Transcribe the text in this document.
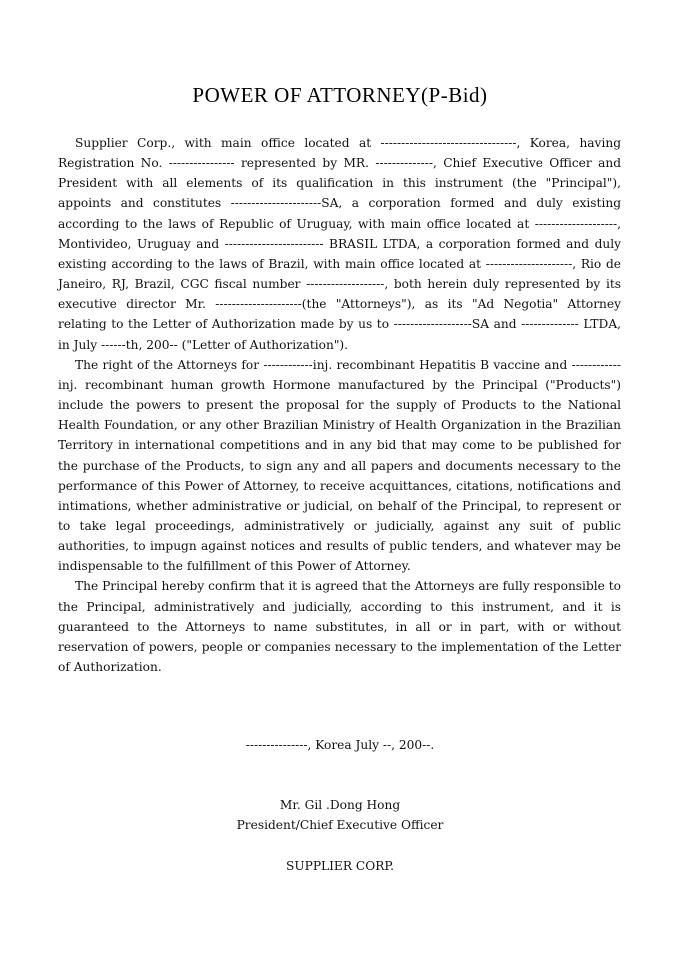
POWER OF ATTORNEY(P-Bid)

Supplier Corp., with main office located at ---------------------------------, Korea, having Registration No. ---------------- represented by MR. --------------, Chief Executive Officer and President with all elements of its qualification in this instrument (the "Principal"), appoints and constitutes ----------------------SA, a corporation formed and duly existing according to the laws of Republic of Uruguay, with main office located at --------------------, Montivideo, Uruguay and ------------------------ BRASIL LTDA, a corporation formed and duly existing according to the laws of Brazil, with main office located at ---------------------, Rio de Janeiro, RJ, Brazil, CGC fiscal number -------------------, both herein duly represented by its executive director Mr. ---------------------(the "Attorneys"), as its "Ad Negotia" Attorney relating to the Letter of Authorization made by us to -------------------SA and -------------- LTDA, in July ------th, 200-- ("Letter of Authorization").

The right of the Attorneys for ------------inj. recombinant Hepatitis B vaccine and ------------ inj. recombinant human growth Hormone manufactured by the Principal ("Products") include the powers to present the proposal for the supply of Products to the National Health Foundation, or any other Brazilian Ministry of Health Organization in the Brazilian Territory in international competitions and in any bid that may come to be published for the purchase of the Products, to sign any and all papers and documents necessary to the performance of this Power of Attorney, to receive acquittances, citations, notifications and intimations, whether administrative or judicial, on behalf of the Principal, to represent or to take legal proceedings, administratively or judicially, against any suit of public authorities, to impugn against notices and results of public tenders, and whatever may be indispensable to the fulfillment of this Power of Attorney.

The Principal hereby confirm that it is agreed that the Attorneys are fully responsible to the Principal, administratively and judicially, according to this instrument, and it is guaranteed to the Attorneys to name substitutes, in all or in part, with or without reservation of powers, people or companies necessary to the implementation of the Letter of Authorization.

---------------, Korea July --, 200--.
Mr. Gil .Dong Hong
President/Chief Executive Officer
SUPPLIER CORP.
